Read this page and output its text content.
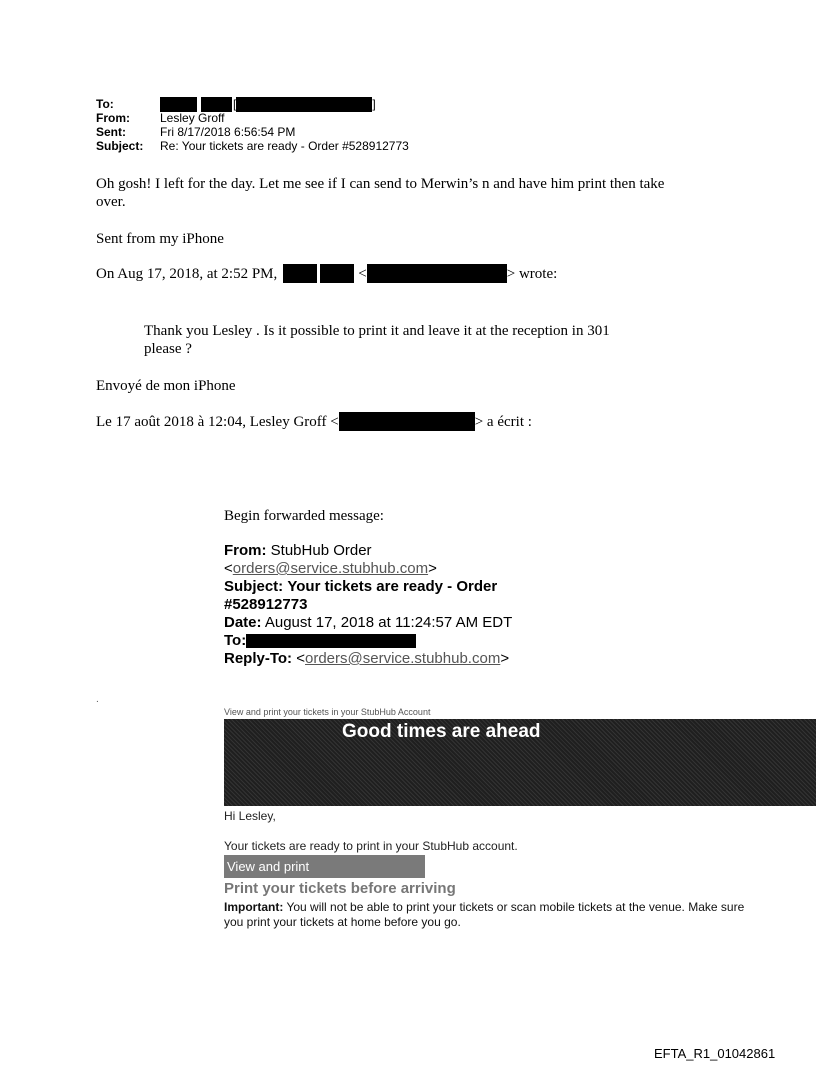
To:	[	]
From:	Lesley Groff
Sent:	Fri 8/17/2018 6:56:54 PM
Subject:	Re: Your tickets are ready - Order #528912773
Oh gosh! I left for the day. Let me see if I can send to Merwin’s n and have him print then take
over.
Sent from my iPhone
On Aug 17, 2018, at 2:52 PM,	<	> wrote:
Thank you Lesley . Is it possible to print it and leave it at the reception in 301
please ?
Envoyé de mon iPhone
Le 17 août 2018 à 12:04, Lesley Groff <	> a écrit :
Begin forwarded message:
From: StubHub Order
<orders@service.stubhub.com>
Subject: Your tickets are ready - Order
#528912773
Date: August 17, 2018 at 11:24:57 AM EDT
To:
Reply-To: <orders@service.stubhub.com>
.
View and print your tickets in your StubHub Account
Good times are ahead
Hi Lesley,
Your tickets are ready to print in your StubHub account.
View and print
Print your tickets before arriving
Important: You will not be able to print your tickets or scan mobile tickets at the venue. Make sure
you print your tickets at home before you go.
EFTA_R1_01042861
